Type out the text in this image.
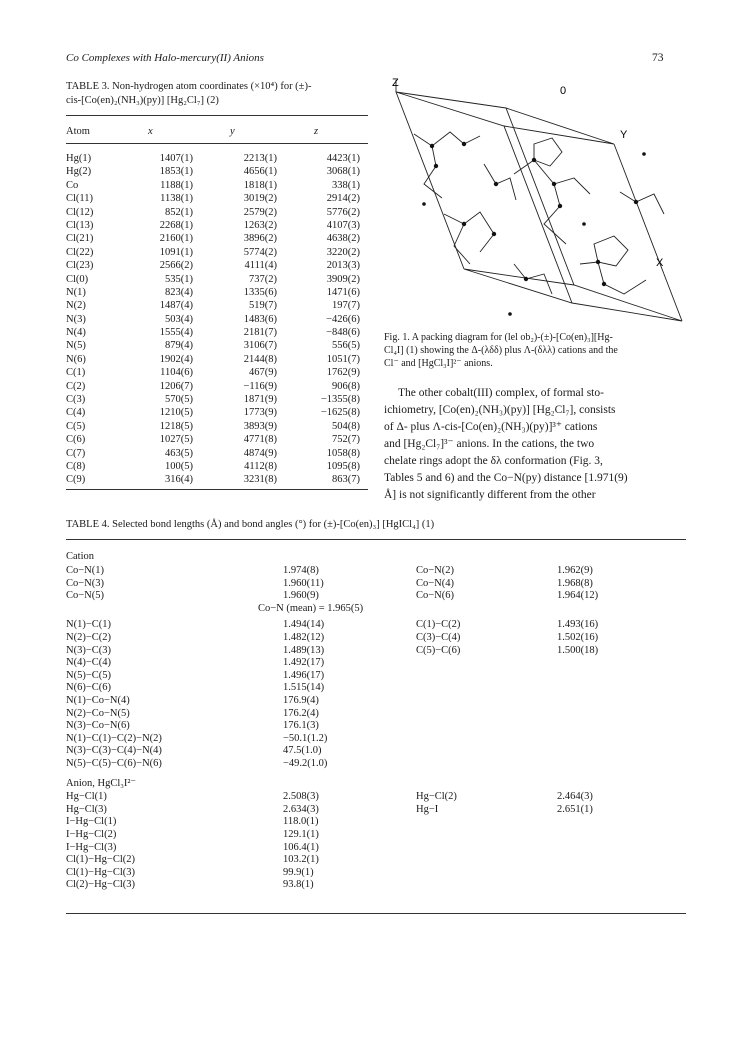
Co Complexes with Halo-mercury(II) Anions	73
TABLE 3. Non-hydrogen atom coordinates (×10⁴) for (±)-
cis-[Co(en)₂(NH₃)(py)] [Hg₂Cl₇] (2)
Atom	x	y	z
Hg(1)	1407(1)	2213(1)	4423(1)
Hg(2)	1853(1)	4656(1)	3068(1)
Co	1188(1)	1818(1)	338(1)
Cl(11)	1138(1)	3019(2)	2914(2)
Cl(12)	852(1)	2579(2)	5776(2)
Cl(13)	2268(1)	1263(2)	4107(3)
Cl(21)	2160(1)	3896(2)	4638(2)
Cl(22)	1091(1)	5774(2)	3220(2)
Cl(23)	2566(2)	4111(4)	2013(3)
Cl(0)	535(1)	737(2)	3909(2)
N(1)	823(4)	1335(6)	1471(6)
N(2)	1487(4)	519(7)	197(7)
N(3)	503(4)	1483(6)	−426(6)
N(4)	1555(4)	2181(7)	−848(6)
N(5)	879(4)	3106(7)	556(5)
N(6)	1902(4)	2144(8)	1051(7)
C(1)	1104(6)	467(9)	1762(9)
C(2)	1206(7)	−116(9)	906(8)
C(3)	570(5)	1871(9)	−1355(8)
C(4)	1210(5)	1773(9)	−1625(8)
C(5)	1218(5)	3893(9)	504(8)
C(6)	1027(5)	4771(8)	752(7)
C(7)	463(5)	4874(9)	1058(8)
C(8)	100(5)	4112(8)	1095(8)
C(9)	316(4)	3231(8)	863(7)
Z
0
Y
X
Fig. 1. A packing diagram for (lel ob₂)-(±)-[Co(en)₃][Hg-
Cl₄I] (1) showing the Δ-(λδδ) plus Λ-(δλλ) cations and the
Cl⁻ and [HgCl₃I]²⁻ anions.
The other cobalt(III) complex, of formal sto-
ichiometry, [Co(en)₂(NH₃)(py)] [Hg₂Cl₇], consists
of Δ- plus Λ-cis-[Co(en)₂(NH₃)(py)]³⁺ cations
and [Hg₂Cl₇]³⁻ anions. In the cations, the two
chelate rings adopt the δλ conformation (Fig. 3,
Tables 5 and 6) and the Co−N(py) distance [1.971(9)
Å] is not significantly different from the other
TABLE 4. Selected bond lengths (Å) and bond angles (°) for (±)-[Co(en)₃] [HgICl₄] (1)
Cation
Co−N(1)	1.974(8)	Co−N(2)	1.962(9)
Co−N(3)	1.960(11)	Co−N(4)	1.968(8)
Co−N(5)	1.960(9)	Co−N(6)	1.964(12)
Co−N (mean) = 1.965(5)
N(1)−C(1)	1.494(14)	C(1)−C(2)	1.493(16)
N(2)−C(2)	1.482(12)	C(3)−C(4)	1.502(16)
N(3)−C(3)	1.489(13)	C(5)−C(6)	1.500(18)
N(4)−C(4)	1.492(17)
N(5)−C(5)	1.496(17)
N(6)−C(6)	1.515(14)
N(1)−Co−N(4)	176.9(4)
N(2)−Co−N(5)	176.2(4)
N(3)−Co−N(6)	176.1(3)
N(1)−C(1)−C(2)−N(2)	−50.1(1.2)
N(3)−C(3)−C(4)−N(4)	47.5(1.0)
N(5)−C(5)−C(6)−N(6)	−49.2(1.0)
Anion, HgCl₃I²⁻
Hg−Cl(1)	2.508(3)	Hg−Cl(2)	2.464(3)
Hg−Cl(3)	2.634(3)	Hg−I	2.651(1)
I−Hg−Cl(1)	118.0(1)
I−Hg−Cl(2)	129.1(1)
I−Hg−Cl(3)	106.4(1)
Cl(1)−Hg−Cl(2)	103.2(1)
Cl(1)−Hg−Cl(3)	99.9(1)
Cl(2)−Hg−Cl(3)	93.8(1)
